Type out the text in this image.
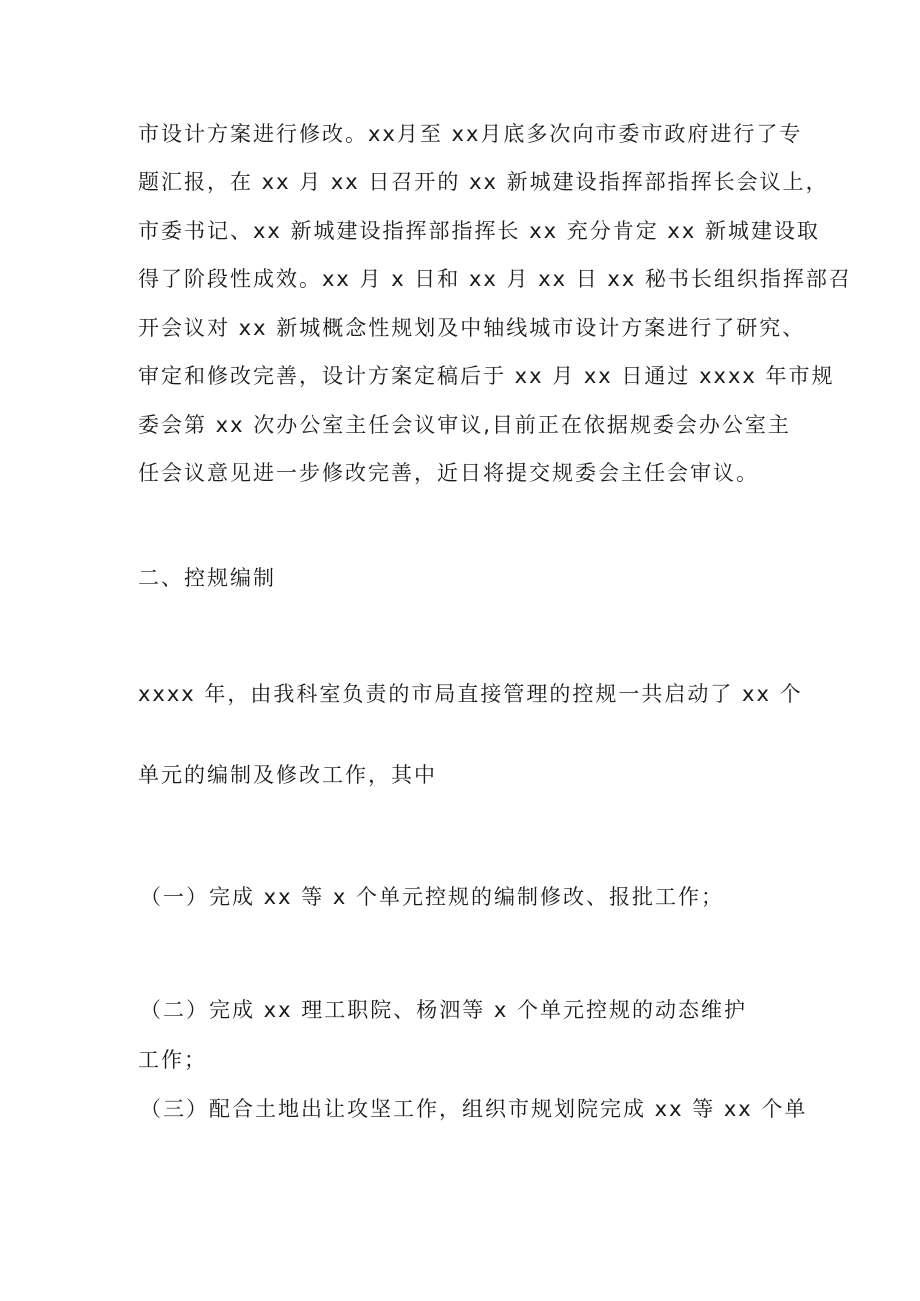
市设计方案进行修改。xx月至 xx月底多次向市委市政府进行了专
题汇报，在 xx 月 xx 日召开的 xx 新城建设指挥部指挥长会议上，
市委书记、xx 新城建设指挥部指挥长 xx 充分肯定 xx 新城建设取
得了阶段性成效。xx 月 x 日和 xx 月 xx 日 xx 秘书长组织指挥部召
开会议对 xx 新城概念性规划及中轴线城市设计方案进行了研究、
审定和修改完善，设计方案定稿后于 xx 月 xx 日通过 xxxx 年市规
委会第 xx 次办公室主任会议审议,目前正在依据规委会办公室主
任会议意见进一步修改完善，近日将提交规委会主任会审议。
二、控规编制
xxxx 年，由我科室负责的市局直接管理的控规一共启动了 xx 个
单元的编制及修改工作，其中
（一）完成 xx 等 x 个单元控规的编制修改、报批工作；
（二）完成 xx 理工职院、杨泗等 x 个单元控规的动态维护
工作；
（三）配合土地出让攻坚工作，组织市规划院完成 xx 等 xx 个单
